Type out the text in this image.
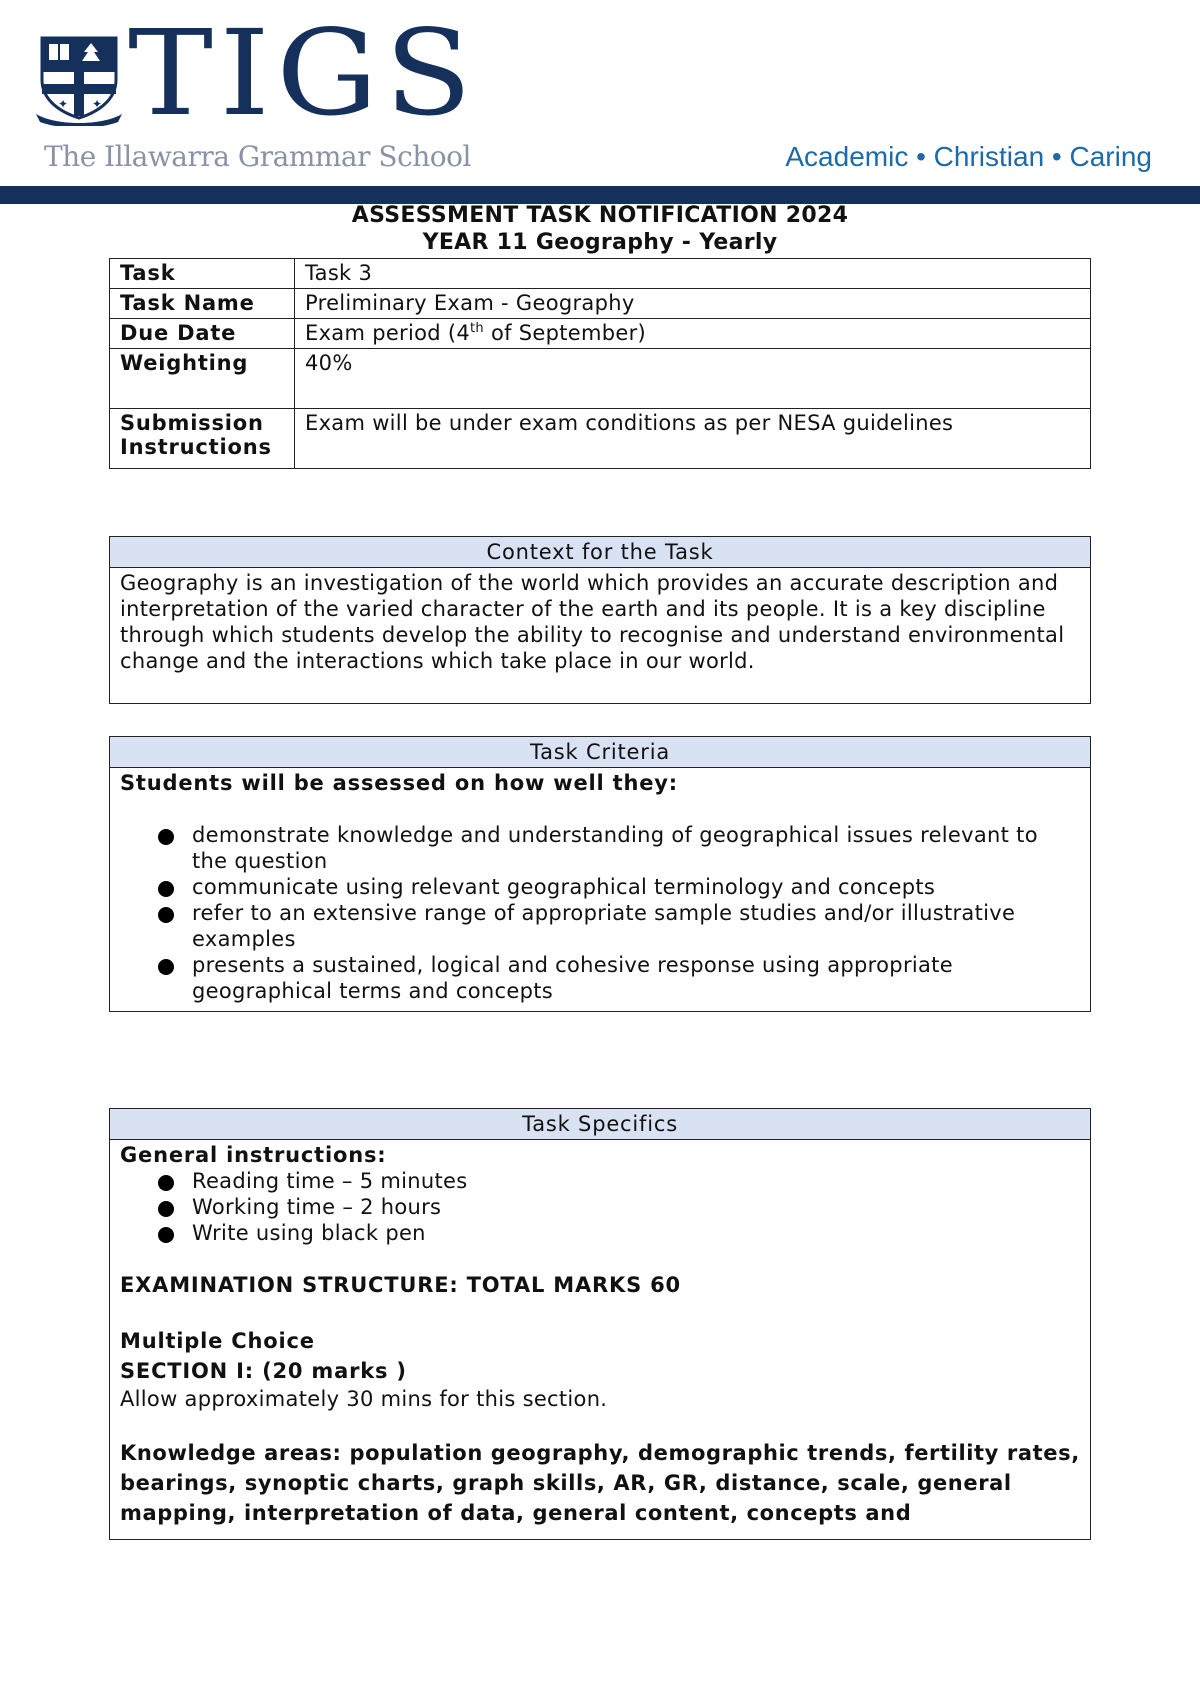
✦ ✦ TIGS
The Illawarra Grammar School	Academic • Christian • Caring
ASSESSMENT TASK NOTIFICATION 2024
YEAR 11 Geography - Yearly
Task	Task 3
Task Name	Preliminary Exam - Geography
Due Date	Exam period (4th of September)
Weighting	40%
Submission
Instructions	Exam will be under exam conditions as per NESA guidelines
Context for the Task
Geography is an investigation of the world which provides an accurate description and interpretation of the varied character of the earth and its people. It is a key discipline through which students develop the ability to recognise and understand environmental change and the interactions which take place in our world.
Task Criteria
Students will be assessed on how well they:
demonstrate knowledge and understanding of geographical issues relevant to the question
communicate using relevant geographical terminology and concepts
refer to an extensive range of appropriate sample studies and/or illustrative examples
presents a sustained, logical and cohesive response using appropriate geographical terms and concepts
Task Specifics
General instructions:
Reading time – 5 minutes
Working time – 2 hours
Write using black pen
EXAMINATION STRUCTURE: TOTAL MARKS 60
Multiple Choice
SECTION I: (20 marks )
Allow approximately 30 mins for this section.
Knowledge areas: population geography, demographic trends, fertility rates, bearings, synoptic charts, graph skills, AR, GR, distance, scale, general mapping, interpretation of data, general content, concepts and
